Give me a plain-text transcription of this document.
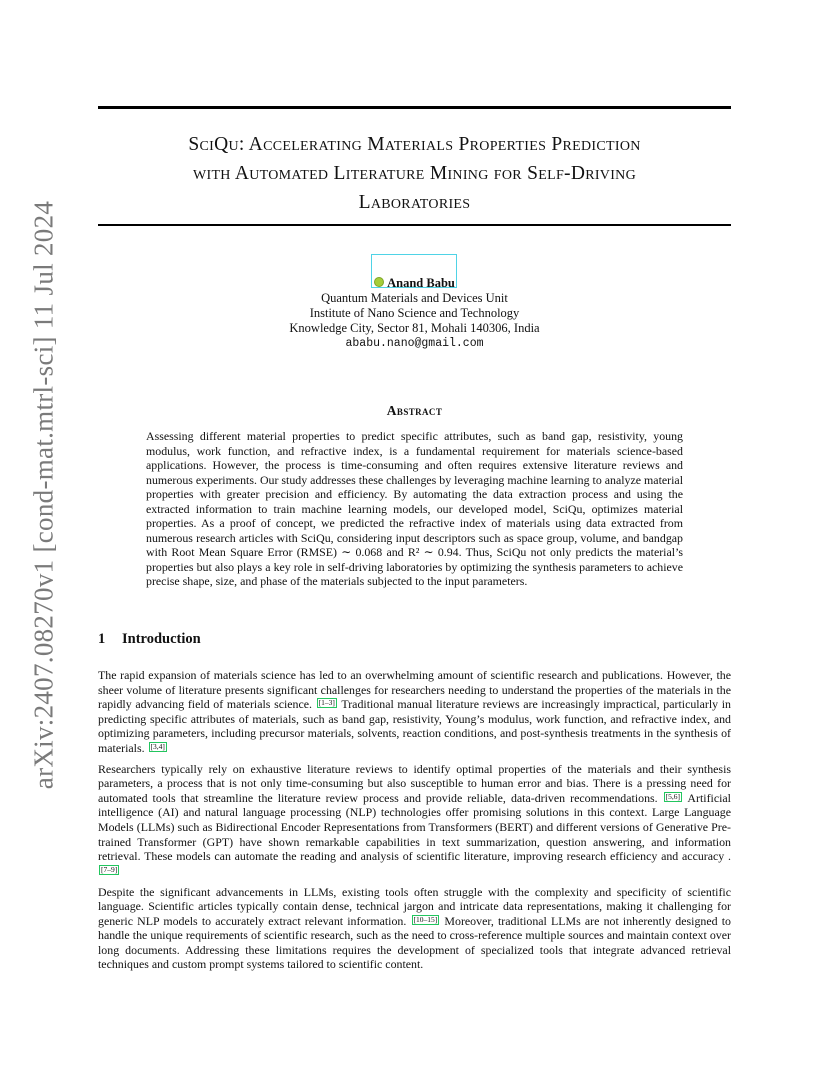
SciQu: Accelerating Materials Properties Prediction
with Automated Literature Mining for Self-Driving
Laboratories
arXiv:2407.08270v1 [cond-mat.mtrl-sci] 11 Jul 2024	Anand Babu
Quantum Materials and Devices Unit
Institute of Nano Science and Technology
Knowledge City, Sector 81, Mohali 140306, India
ababu.nano@gmail.com
Abstract
Assessing different material properties to predict specific attributes, such as band gap, resistivity, young modulus, work function, and refractive index, is a fundamental requirement for materials science-based applications. However, the process is time-consuming and often requires extensive literature reviews and numerous experiments. Our study addresses these challenges by leveraging machine learning to analyze material properties with greater precision and efficiency. By automating the data extraction process and using the extracted information to train machine learning models, our developed model, SciQu, optimizes material properties. As a proof of concept, we predicted the refractive index of materials using data extracted from numerous research articles with SciQu, considering input descriptors such as space group, volume, and bandgap with Root Mean Square Error (RMSE) ∼ 0.068 and R² ∼ 0.94. Thus, SciQu not only predicts the material’s properties but also plays a key role in self-driving laboratories by optimizing the synthesis parameters to achieve precise shape, size, and phase of the materials subjected to the input parameters.
1 Introduction

The rapid expansion of materials science has led to an overwhelming amount of scientific research and publications. However, the sheer volume of literature presents significant challenges for researchers needing to understand the properties of the materials in the rapidly advancing field of materials science. [1–3] Traditional manual literature reviews are increasingly impractical, particularly in predicting specific attributes of materials, such as band gap, resistivity, Young’s modulus, work function, and refractive index, and optimizing parameters, including precursor materials, solvents, reaction conditions, and post-synthesis treatments in the synthesis of materials. [3,4]

Researchers typically rely on exhaustive literature reviews to identify optimal properties of the materials and their synthesis parameters, a process that is not only time-consuming but also susceptible to human error and bias. There is a pressing need for automated tools that streamline the literature review process and provide reliable, data-driven recommendations. [5,6] Artificial intelligence (AI) and natural language processing (NLP) technologies offer promising solutions in this context. Large Language Models (LLMs) such as Bidirectional Encoder Representations from Transformers (BERT) and different versions of Generative Pre-trained Transformer (GPT) have shown remarkable capabilities in text summarization, question answering, and information retrieval. These models can automate the reading and analysis of scientific literature, improving research efficiency and accuracy .[7–9]

Despite the significant advancements in LLMs, existing tools often struggle with the complexity and specificity of scientific language. Scientific articles typically contain dense, technical jargon and intricate data representations, making it challenging for generic NLP models to accurately extract relevant information. [10–15] Moreover, traditional LLMs are not inherently designed to handle the unique requirements of scientific research, such as the need to cross-reference multiple sources and maintain context over long documents. Addressing these limitations requires the development of specialized tools that integrate advanced retrieval techniques and custom prompt systems tailored to scientific content.
